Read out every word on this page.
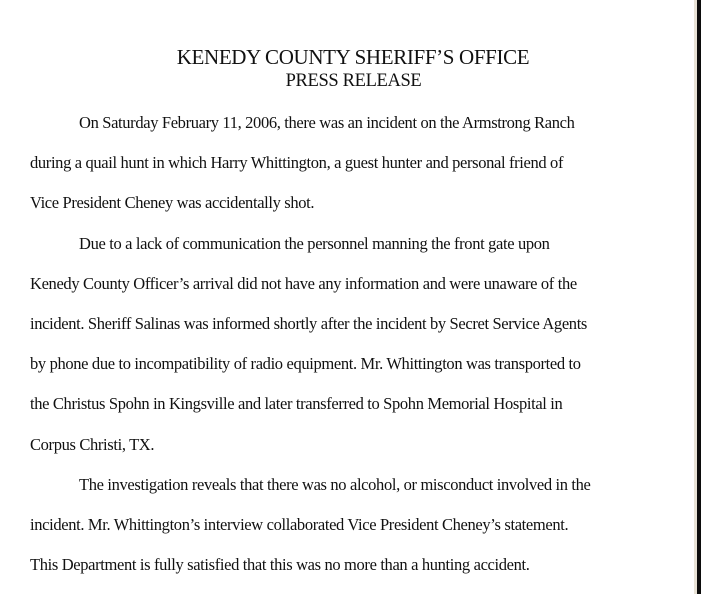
KENEDY COUNTY SHERIFF’S OFFICE
PRESS RELEASE
On Saturday February 11, 2006, there was an incident on the Armstrong Ranch
during a quail hunt in which Harry Whittington, a guest hunter and personal friend of
Vice President Cheney was accidentally shot.
Due to a lack of communication the personnel manning the front gate upon
Kenedy County Officer’s arrival did not have any information and were unaware of the
incident. Sheriff Salinas was informed shortly after the incident by Secret Service Agents
by phone due to incompatibility of radio equipment. Mr. Whittington was transported to
the Christus Spohn in Kingsville and later transferred to Spohn Memorial Hospital in
Corpus Christi, TX.
The investigation reveals that there was no alcohol, or misconduct involved in the
incident. Mr. Whittington’s interview collaborated Vice President Cheney’s statement.
This Department is fully satisfied that this was no more than a hunting accident.
